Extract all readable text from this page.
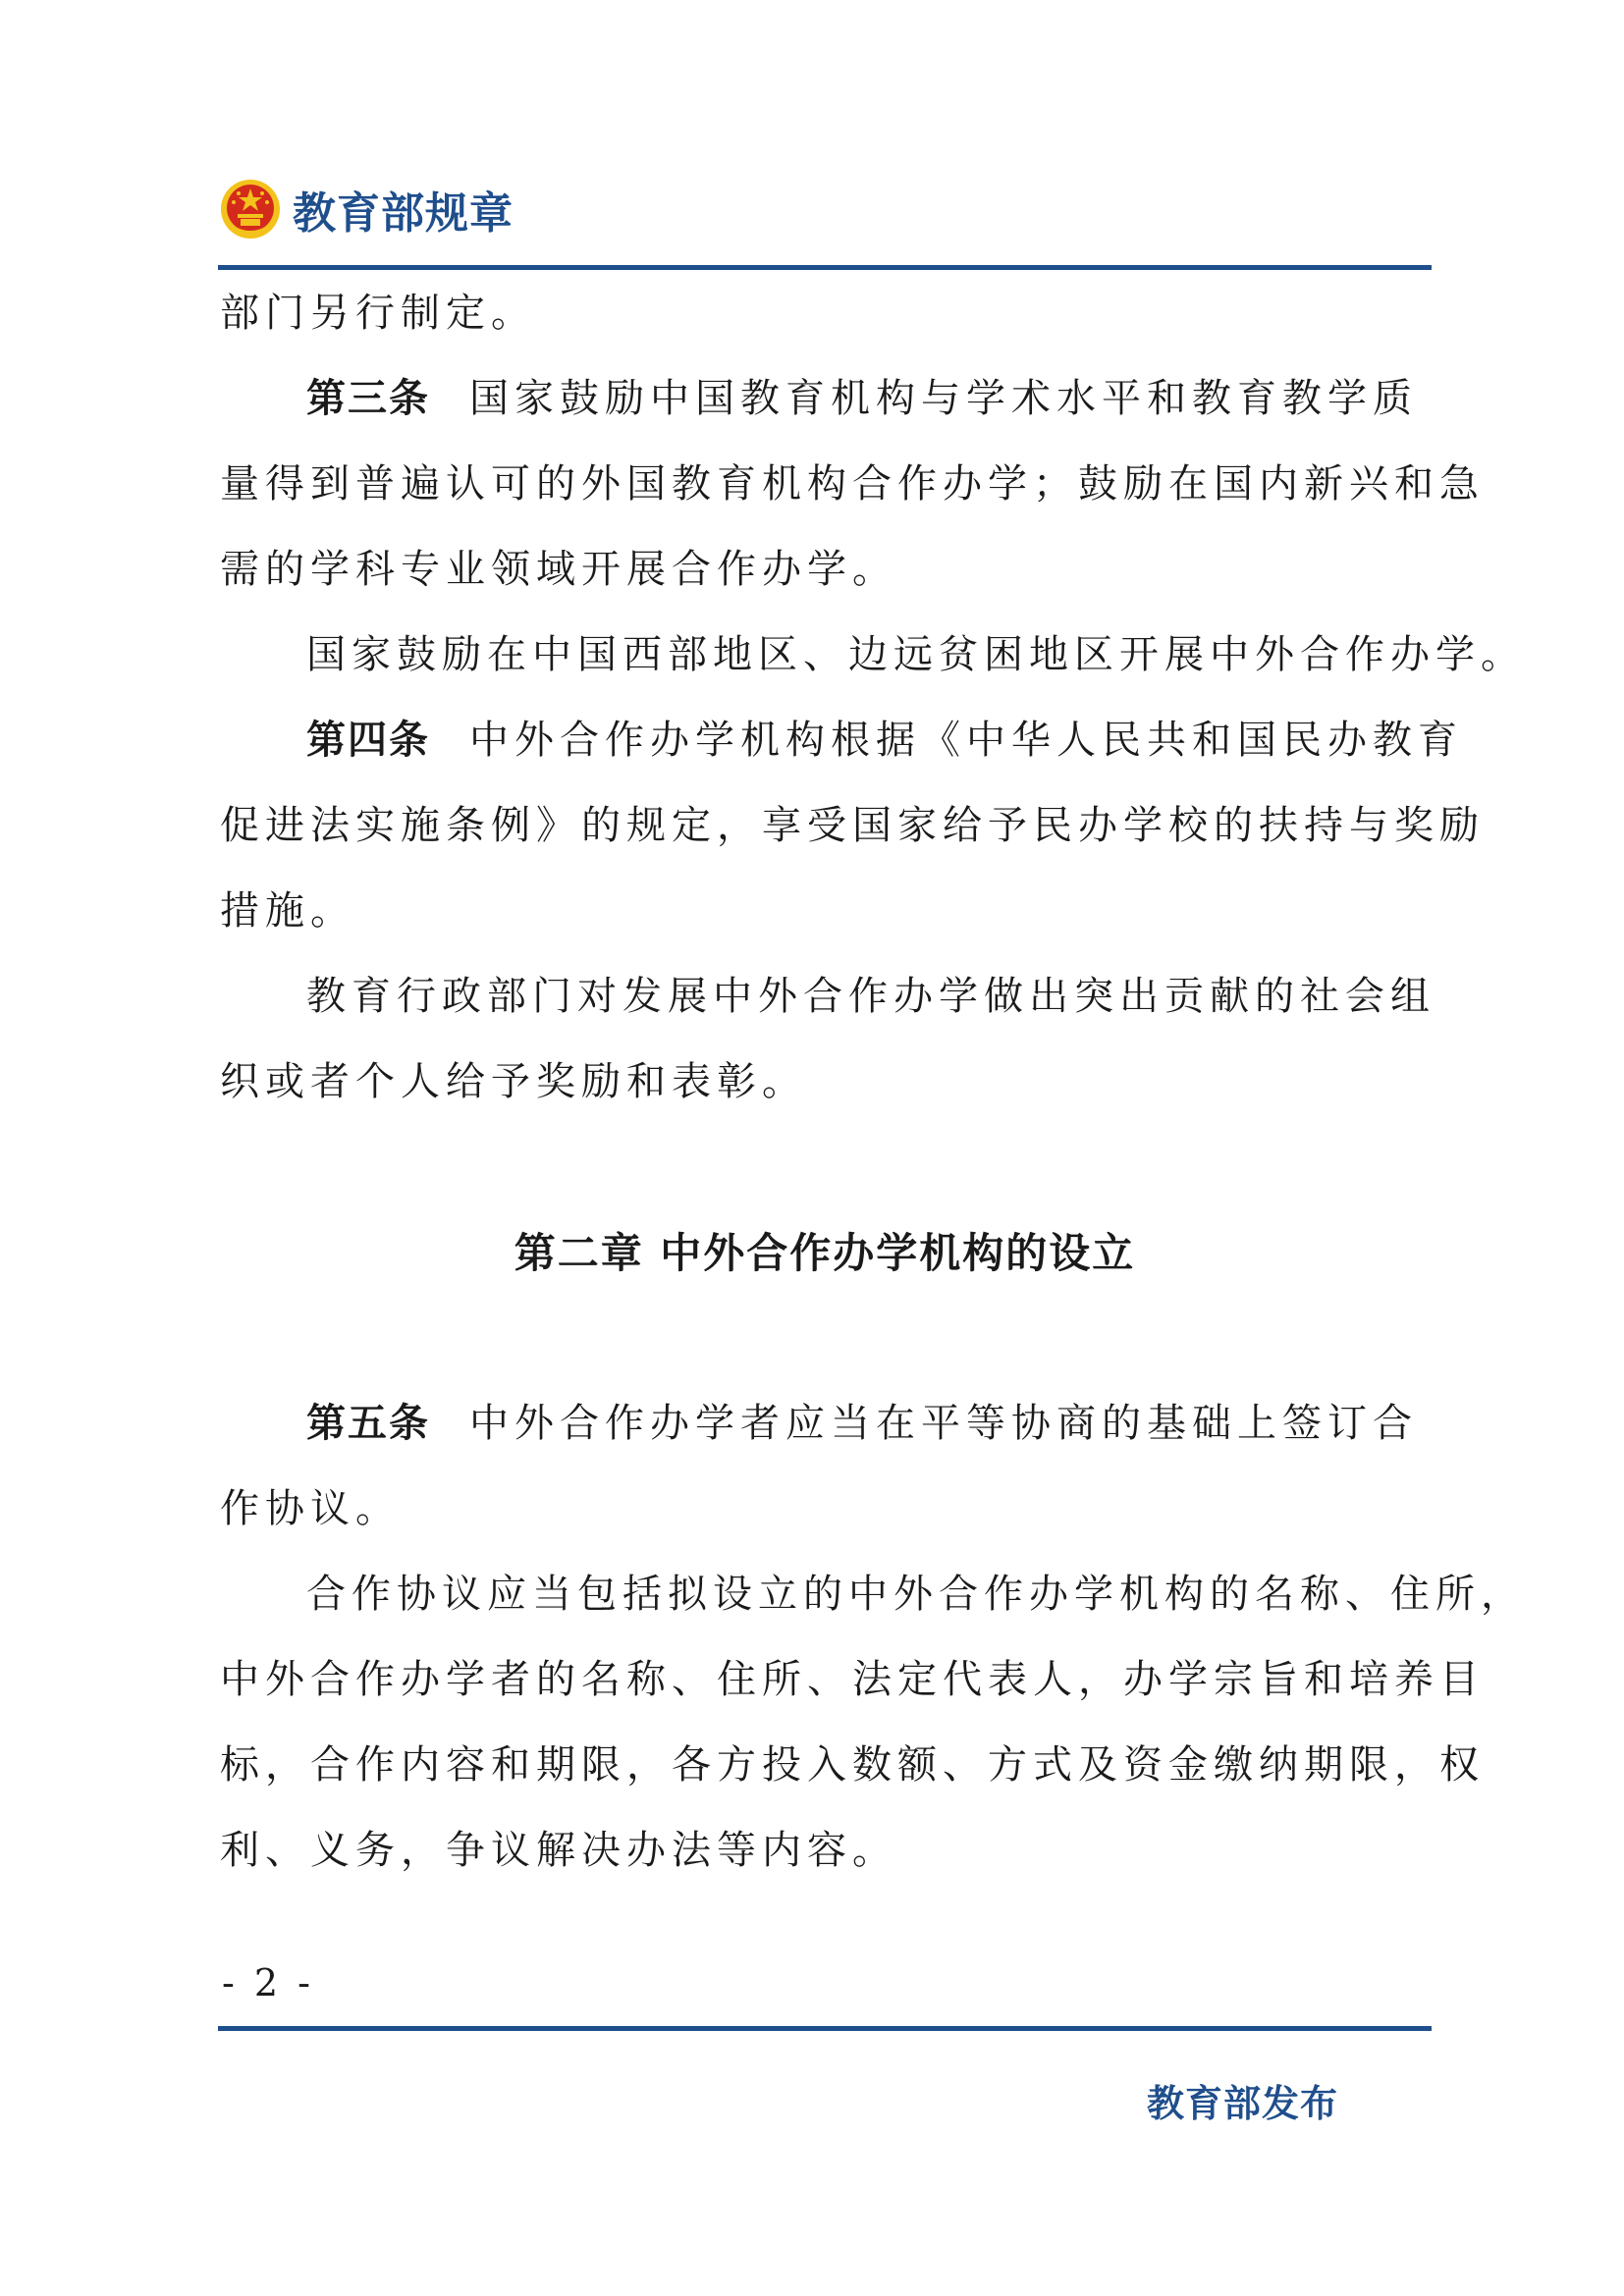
教育部规章
部门另行制定。
第三条 国家鼓励中国教育机构与学术水平和教育教学质
量得到普遍认可的外国教育机构合作办学；鼓励在国内新兴和急
需的学科专业领域开展合作办学。
国家鼓励在中国西部地区、边远贫困地区开展中外合作办学。
第四条 中外合作办学机构根据《中华人民共和国民办教育
促进法实施条例》的规定，享受国家给予民办学校的扶持与奖励
措施。
教育行政部门对发展中外合作办学做出突出贡献的社会组
织或者个人给予奖励和表彰。
第二章 中外合作办学机构的设立
第五条 中外合作办学者应当在平等协商的基础上签订合
作协议。
合作协议应当包括拟设立的中外合作办学机构的名称、住所，
中外合作办学者的名称、住所、法定代表人，办学宗旨和培养目
标，合作内容和期限，各方投入数额、方式及资金缴纳期限，权
利、义务，争议解决办法等内容。
- 2 -
教育部发布
